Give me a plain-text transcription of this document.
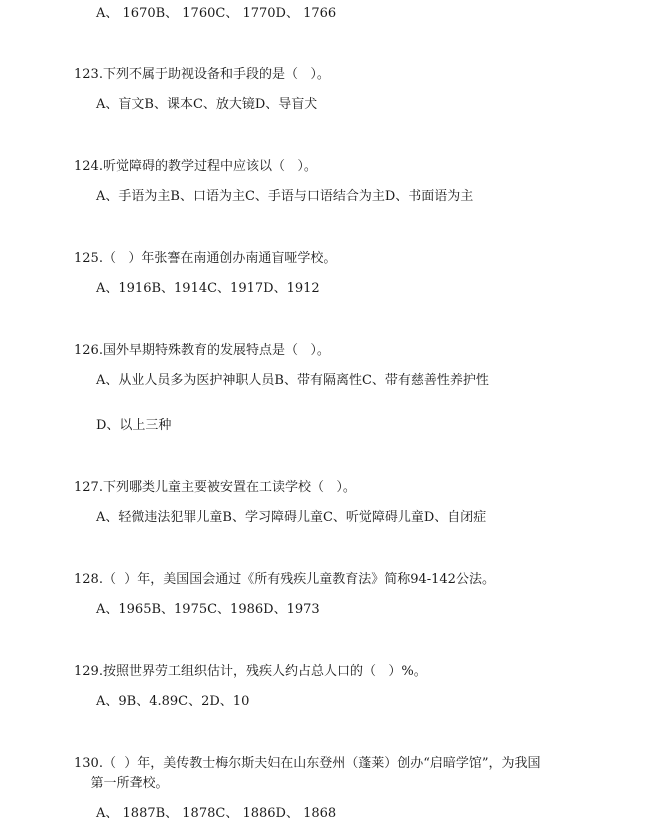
A、 1670B、 1760C、 1770D、 1766
123.下列不属于助视设备和手段的是（   ）。
A、盲文B、课本C、放大镜D、导盲犬
124.听觉障碍的教学过程中应该以（   ）。
A、手语为主B、口语为主C、手语与口语结合为主D、书面语为主
125.（   ）年张謇在南通创办南通盲哑学校。
A、1916B、1914C、1917D、1912
126.国外早期特殊教育的发展特点是（   ）。
A、从业人员多为医护神职人员B、带有隔离性C、带有慈善性养护性
D、以上三种
127.下列哪类儿童主要被安置在工读学校（   ）。
A、轻微违法犯罪儿童B、学习障碍儿童C、听觉障碍儿童D、自闭症
128.（  ）年，美国国会通过《所有残疾儿童教育法》简称94-142公法。
A、1965B、1975C、1986D、1973
129.按照世界劳工组织估计，残疾人约占总人口的（   ）%。
A、9B、4.89C、2D、10
130.（  ）年，美传教士梅尔斯夫妇在山东登州（蓬莱）创办“启暗学馆”，为我国
第一所聋校。
A、 1887B、 1878C、 1886D、 1868
